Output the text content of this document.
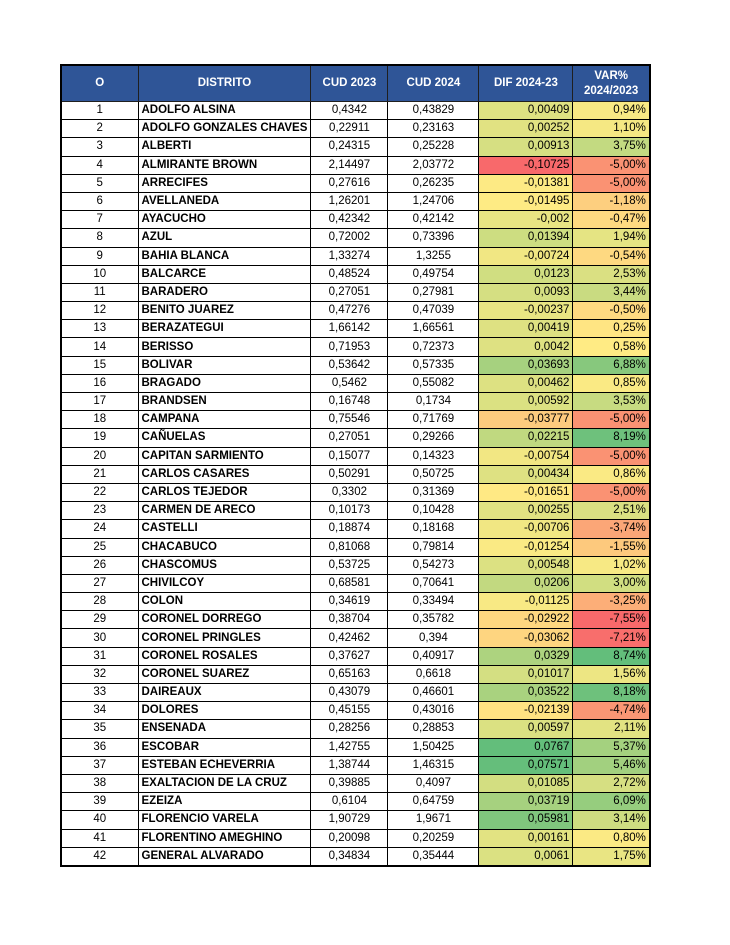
O	DISTRITO	CUD 2023	CUD 2024	DIF 2024-23	VAR% 2024/2023
1	ADOLFO ALSINA	0,4342	0,43829	0,00409	0,94%
2	ADOLFO GONZALES CHAVES	0,22911	0,23163	0,00252	1,10%
3	ALBERTI	0,24315	0,25228	0,00913	3,75%
4	ALMIRANTE BROWN	2,14497	2,03772	-0,10725	-5,00%
5	ARRECIFES	0,27616	0,26235	-0,01381	-5,00%
6	AVELLANEDA	1,26201	1,24706	-0,01495	-1,18%
7	AYACUCHO	0,42342	0,42142	-0,002	-0,47%
8	AZUL	0,72002	0,73396	0,01394	1,94%
9	BAHIA BLANCA	1,33274	1,3255	-0,00724	-0,54%
10	BALCARCE	0,48524	0,49754	0,0123	2,53%
11	BARADERO	0,27051	0,27981	0,0093	3,44%
12	BENITO JUAREZ	0,47276	0,47039	-0,00237	-0,50%
13	BERAZATEGUI	1,66142	1,66561	0,00419	0,25%
14	BERISSO	0,71953	0,72373	0,0042	0,58%
15	BOLIVAR	0,53642	0,57335	0,03693	6,88%
16	BRAGADO	0,5462	0,55082	0,00462	0,85%
17	BRANDSEN	0,16748	0,1734	0,00592	3,53%
18	CAMPANA	0,75546	0,71769	-0,03777	-5,00%
19	CAÑUELAS	0,27051	0,29266	0,02215	8,19%
20	CAPITAN SARMIENTO	0,15077	0,14323	-0,00754	-5,00%
21	CARLOS CASARES	0,50291	0,50725	0,00434	0,86%
22	CARLOS TEJEDOR	0,3302	0,31369	-0,01651	-5,00%
23	CARMEN DE ARECO	0,10173	0,10428	0,00255	2,51%
24	CASTELLI	0,18874	0,18168	-0,00706	-3,74%
25	CHACABUCO	0,81068	0,79814	-0,01254	-1,55%
26	CHASCOMUS	0,53725	0,54273	0,00548	1,02%
27	CHIVILCOY	0,68581	0,70641	0,0206	3,00%
28	COLON	0,34619	0,33494	-0,01125	-3,25%
29	CORONEL DORREGO	0,38704	0,35782	-0,02922	-7,55%
30	CORONEL PRINGLES	0,42462	0,394	-0,03062	-7,21%
31	CORONEL ROSALES	0,37627	0,40917	0,0329	8,74%
32	CORONEL SUAREZ	0,65163	0,6618	0,01017	1,56%
33	DAIREAUX	0,43079	0,46601	0,03522	8,18%
34	DOLORES	0,45155	0,43016	-0,02139	-4,74%
35	ENSENADA	0,28256	0,28853	0,00597	2,11%
36	ESCOBAR	1,42755	1,50425	0,0767	5,37%
37	ESTEBAN ECHEVERRIA	1,38744	1,46315	0,07571	5,46%
38	EXALTACION DE LA CRUZ	0,39885	0,4097	0,01085	2,72%
39	EZEIZA	0,6104	0,64759	0,03719	6,09%
40	FLORENCIO VARELA	1,90729	1,9671	0,05981	3,14%
41	FLORENTINO AMEGHINO	0,20098	0,20259	0,00161	0,80%
42	GENERAL ALVARADO	0,34834	0,35444	0,0061	1,75%
